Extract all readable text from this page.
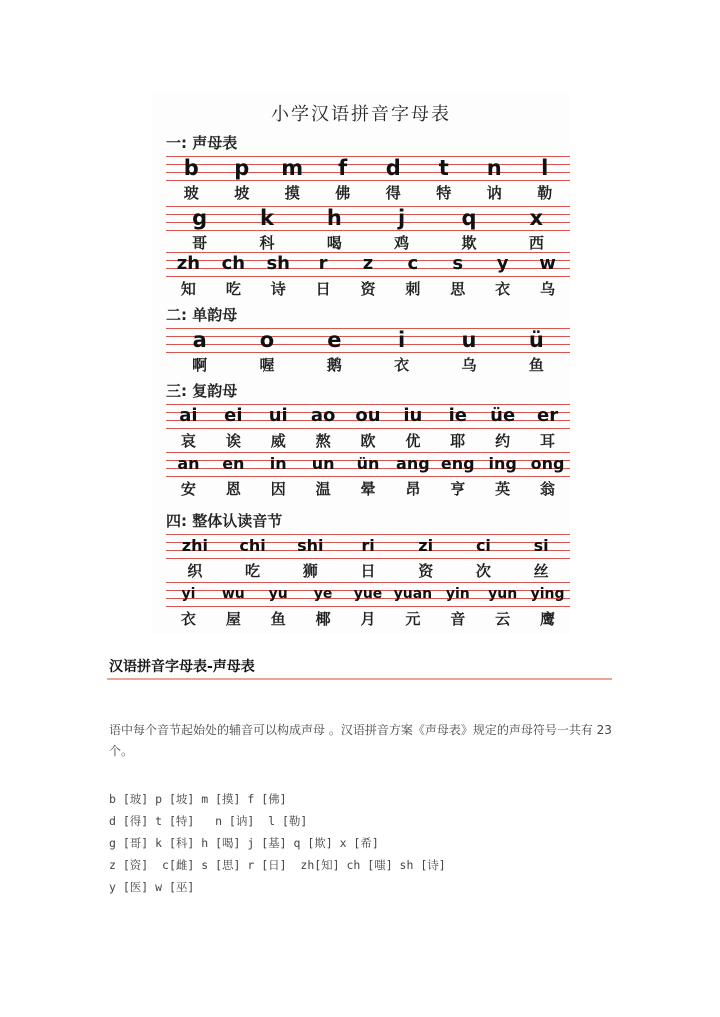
小学汉语拼音字母表
一: 声母表
b p m f d t n l
玻 坡 摸 佛 得 特 讷 勒
g	k	h	j	q	x
哥	科	喝	鸡	欺	西
zh ch sh r z c s y w
知 吃 诗 日 资 刺 思 衣 乌
二: 单韵母
a	o	e	i	u ü
啊	喔	鹅	衣	乌	鱼
三: 复韵母
ai ei ui ao ou iu ie üe er
哀 诶 威 熬 欧 优 耶 约 耳
an en in un ün ang eng ing ong
安 恩 因 温 晕 昂 亨 英 翁
四: 整体认读音节
zhi chi shi ri	zi	ci	si
织	吃	狮	日	资	次	丝
yi wu yu ye yue yuan yin yun ying
衣 屋 鱼 椰 月 元 音 云 鹰
汉语拼音字母表-声母表
语中每个音节起始处的辅音可以构成声母 。汉语拼音方案《声母表》规定的声母符号一共有 23 个。
b [玻] p [坡] m [摸] f [佛]
d [得] t [特]   n [讷]  l [勒]
g [哥] k [科] h [喝] j [基] q [欺] x [希]
z [资]  c[雌] s [思] r [日]  zh[知] ch [嗤] sh [诗]
y [医] w [巫]
